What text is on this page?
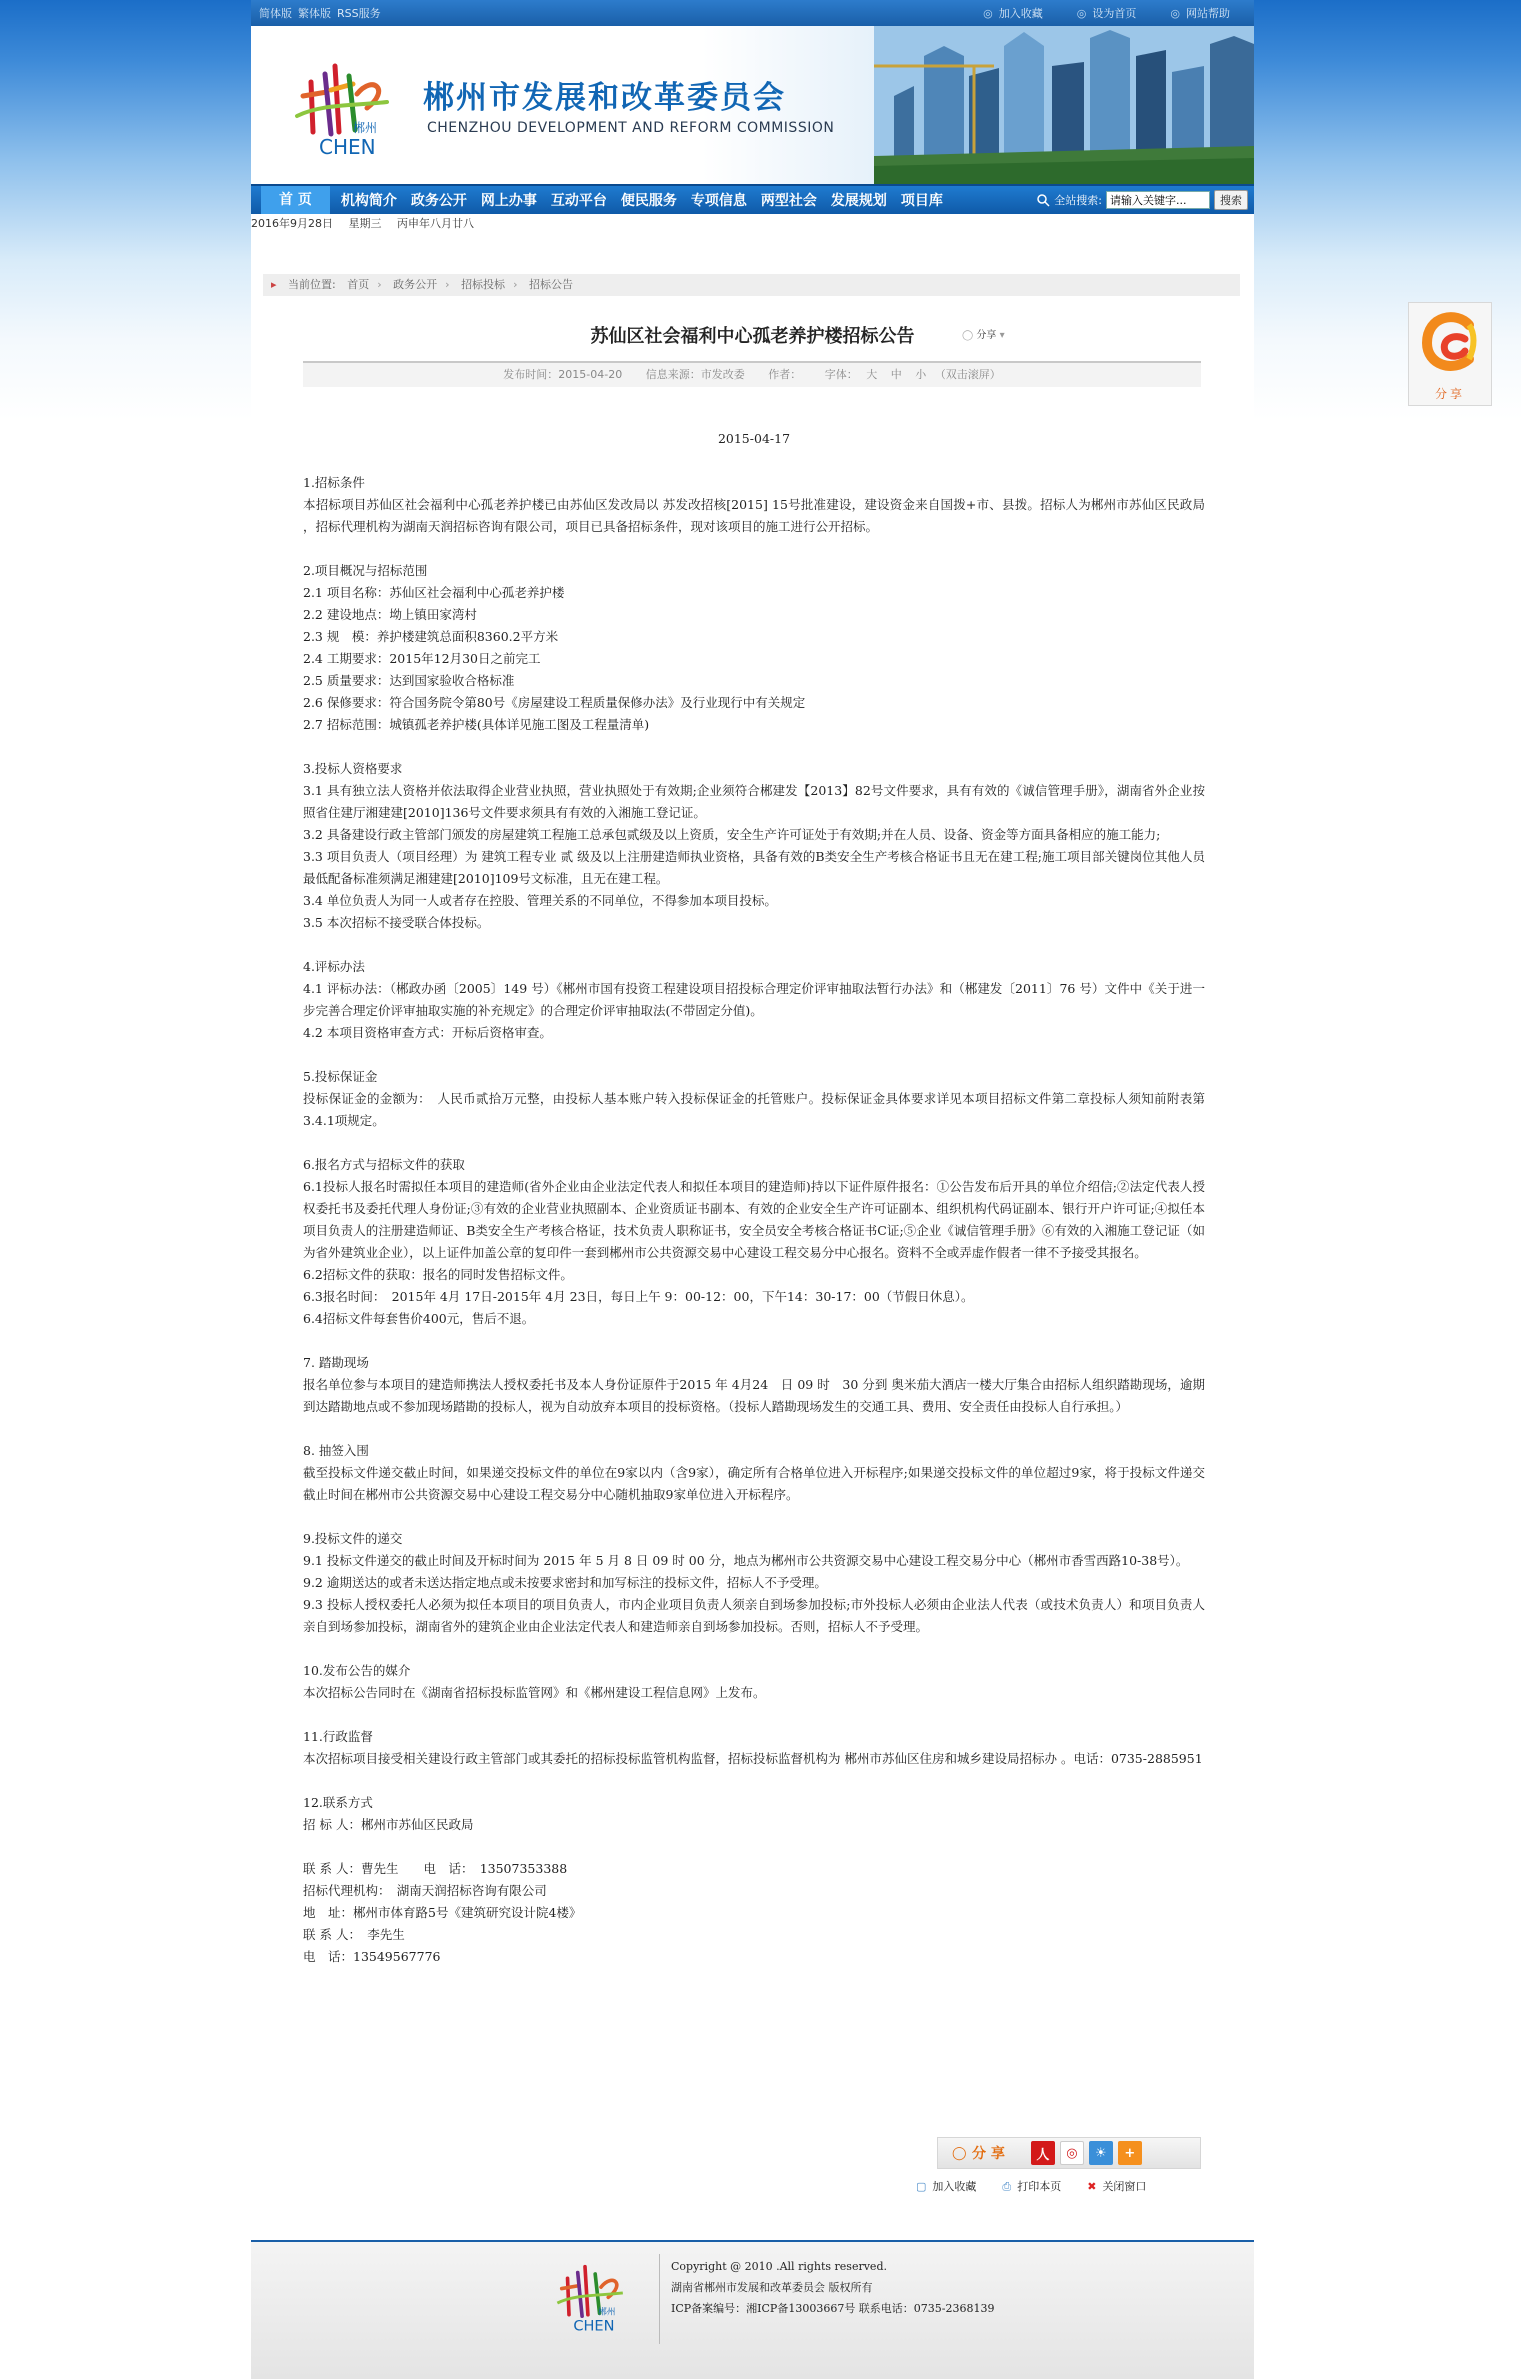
简体版 繁体版 RSS服务	◎ 加入收藏	◎ 设为首页	◎ 网站帮助
郴州
CHEN
郴州市发展和改革委员会
CHENZHOU DEVELOPMENT AND REFORM COMMISSION
首 页	机构简介	政务公开	网上办事	互动平台	便民服务	专项信息	两型社会	发展规划	项目库	全站搜索:
请输入关键字...	搜索
2016年9月28日 星期三 丙申年八月廿八
▸ 当前位置: 首页 › 政务公开 › 招标投标 › 招标公告
苏仙区社会福利中心孤老养护楼招标公告	◯ 分享 ▾
发布时间：2015-04-20 信息来源：市发改委 作者： 字体： 大 中 小 （双击滚屏）
2015-04-17

1.招标条件

本招标项目苏仙区社会福利中心孤老养护楼已由苏仙区发改局以 苏发改招核[2015] 15号批准建设，建设资金来自国拨+市、县拨。招标人为郴州市苏仙区民政局 ，招标代理机构为湖南天润招标咨询有限公司，项目已具备招标条件，现对该项目的施工进行公开招标。

2.项目概况与招标范围

2.1 项目名称：苏仙区社会福利中心孤老养护楼

2.2 建设地点：坳上镇田家湾村

2.3 规　模：养护楼建筑总面积8360.2平方米

2.4 工期要求：2015年12月30日之前完工

2.5 质量要求：达到国家验收合格标准

2.6 保修要求：符合国务院令第80号《房屋建设工程质量保修办法》及行业现行中有关规定

2.7 招标范围：城镇孤老养护楼(具体详见施工图及工程量清单)

3.投标人资格要求

3.1 具有独立法人资格并依法取得企业营业执照，营业执照处于有效期;企业须符合郴建发【2013】82号文件要求，具有有效的《诚信管理手册》，湖南省外企业按照省住建厅湘建建[2010]136号文件要求须具有有效的入湘施工登记证。

3.2 具备建设行政主管部门颁发的房屋建筑工程施工总承包贰级及以上资质，安全生产许可证处于有效期;并在人员、设备、资金等方面具备相应的施工能力;

3.3 项目负责人（项目经理）为 建筑工程专业 贰 级及以上注册建造师执业资格，具备有效的B类安全生产考核合格证书且无在建工程;施工项目部关键岗位其他人员最低配备标准须满足湘建建[2010]109号文标准，且无在建工程。

3.4 单位负责人为同一人或者存在控股、管理关系的不同单位，不得参加本项目投标。

3.5 本次招标不接受联合体投标。

4.评标办法

4.1 评标办法：（郴政办函〔2005〕149 号）《郴州市国有投资工程建设项目招投标合理定价评审抽取法暂行办法》和（郴建发〔2011〕76 号）文件中《关于进一步完善合理定价评审抽取实施的补充规定》的合理定价评审抽取法(不带固定分值)。

4.2 本项目资格审查方式：开标后资格审查。

5.投标保证金

投标保证金的金额为：　人民币贰拾万元整，由投标人基本账户转入投标保证金的托管账户。投标保证金具体要求详见本项目招标文件第二章投标人须知前附表第3.4.1项规定。

6.报名方式与招标文件的获取

6.1投标人报名时需拟任本项目的建造师(省外企业由企业法定代表人和拟任本项目的建造师)持以下证件原件报名：①公告发布后开具的单位介绍信;②法定代表人授权委托书及委托代理人身份证;③有效的企业营业执照副本、企业资质证书副本、有效的企业安全生产许可证副本、组织机构代码证副本、银行开户许可证;④拟任本项目负责人的注册建造师证、B类安全生产考核合格证，技术负责人职称证书，安全员安全考核合格证书C证;⑤企业《诚信管理手册》⑥有效的入湘施工登记证（如为省外建筑业企业），以上证件加盖公章的复印件一套到郴州市公共资源交易中心建设工程交易分中心报名。资料不全或弄虚作假者一律不予接受其报名。

6.2招标文件的获取：报名的同时发售招标文件。

6.3报名时间：　2015年 4月 17日-2015年 4月 23日，每日上午 9：00-12：00，下午14：30-17：00（节假日休息）。

6.4招标文件每套售价400元，售后不退。

7. 踏勘现场

报名单位参与本项目的建造师携法人授权委托书及本人身份证原件于2015 年 4月24　日 09 时　30 分到 奥米茄大酒店一楼大厅集合由招标人组织踏勘现场，逾期到达踏勘地点或不参加现场踏勘的投标人，视为自动放弃本项目的投标资格。（投标人踏勘现场发生的交通工具、费用、安全责任由投标人自行承担。）

8. 抽签入围

截至投标文件递交截止时间，如果递交投标文件的单位在9家以内（含9家），确定所有合格单位进入开标程序;如果递交投标文件的单位超过9家，将于投标文件递交截止时间在郴州市公共资源交易中心建设工程交易分中心随机抽取9家单位进入开标程序。

9.投标文件的递交

9.1 投标文件递交的截止时间及开标时间为 2015 年 5 月 8 日 09 时 00 分，地点为郴州市公共资源交易中心建设工程交易分中心（郴州市香雪西路10-38号）。

9.2 逾期送达的或者未送达指定地点或未按要求密封和加写标注的投标文件，招标人不予受理。

9.3 投标人授权委托人必须为拟任本项目的项目负责人，市内企业项目负责人须亲自到场参加投标;市外投标人必须由企业法人代表（或技术负责人）和项目负责人亲自到场参加投标，湖南省外的建筑企业由企业法定代表人和建造师亲自到场参加投标。否则，招标人不予受理。

10.发布公告的媒介

本次招标公告同时在《湖南省招标投标监管网》和《郴州建设工程信息网》上发布。

11.行政监督

本次招标项目接受相关建设行政主管部门或其委托的招标投标监管机构监督，招标投标监督机构为 郴州市苏仙区住房和城乡建设局招标办 。电话：0735-2885951

12.联系方式

招 标 人：郴州市苏仙区民政局

联 系 人：曹先生　　电　话：　13507353388

招标代理机构：　湖南天润招标咨询有限公司

地　址：郴州市体育路5号《建筑研究设计院4楼》

联 系 人：　李先生

电　话：13549567776

◯ 分 享	人	◎	☀	+
▢ 加入收藏 ⎙ 打印本页 ✖ 关闭窗口
郴州
CHEN
Copyright @ 2010 .All rights reserved.
湖南省郴州市发展和改革委员会 版权所有
ICP备案编号：湘ICP备13003667号 联系电话：0735-2368139
分享
